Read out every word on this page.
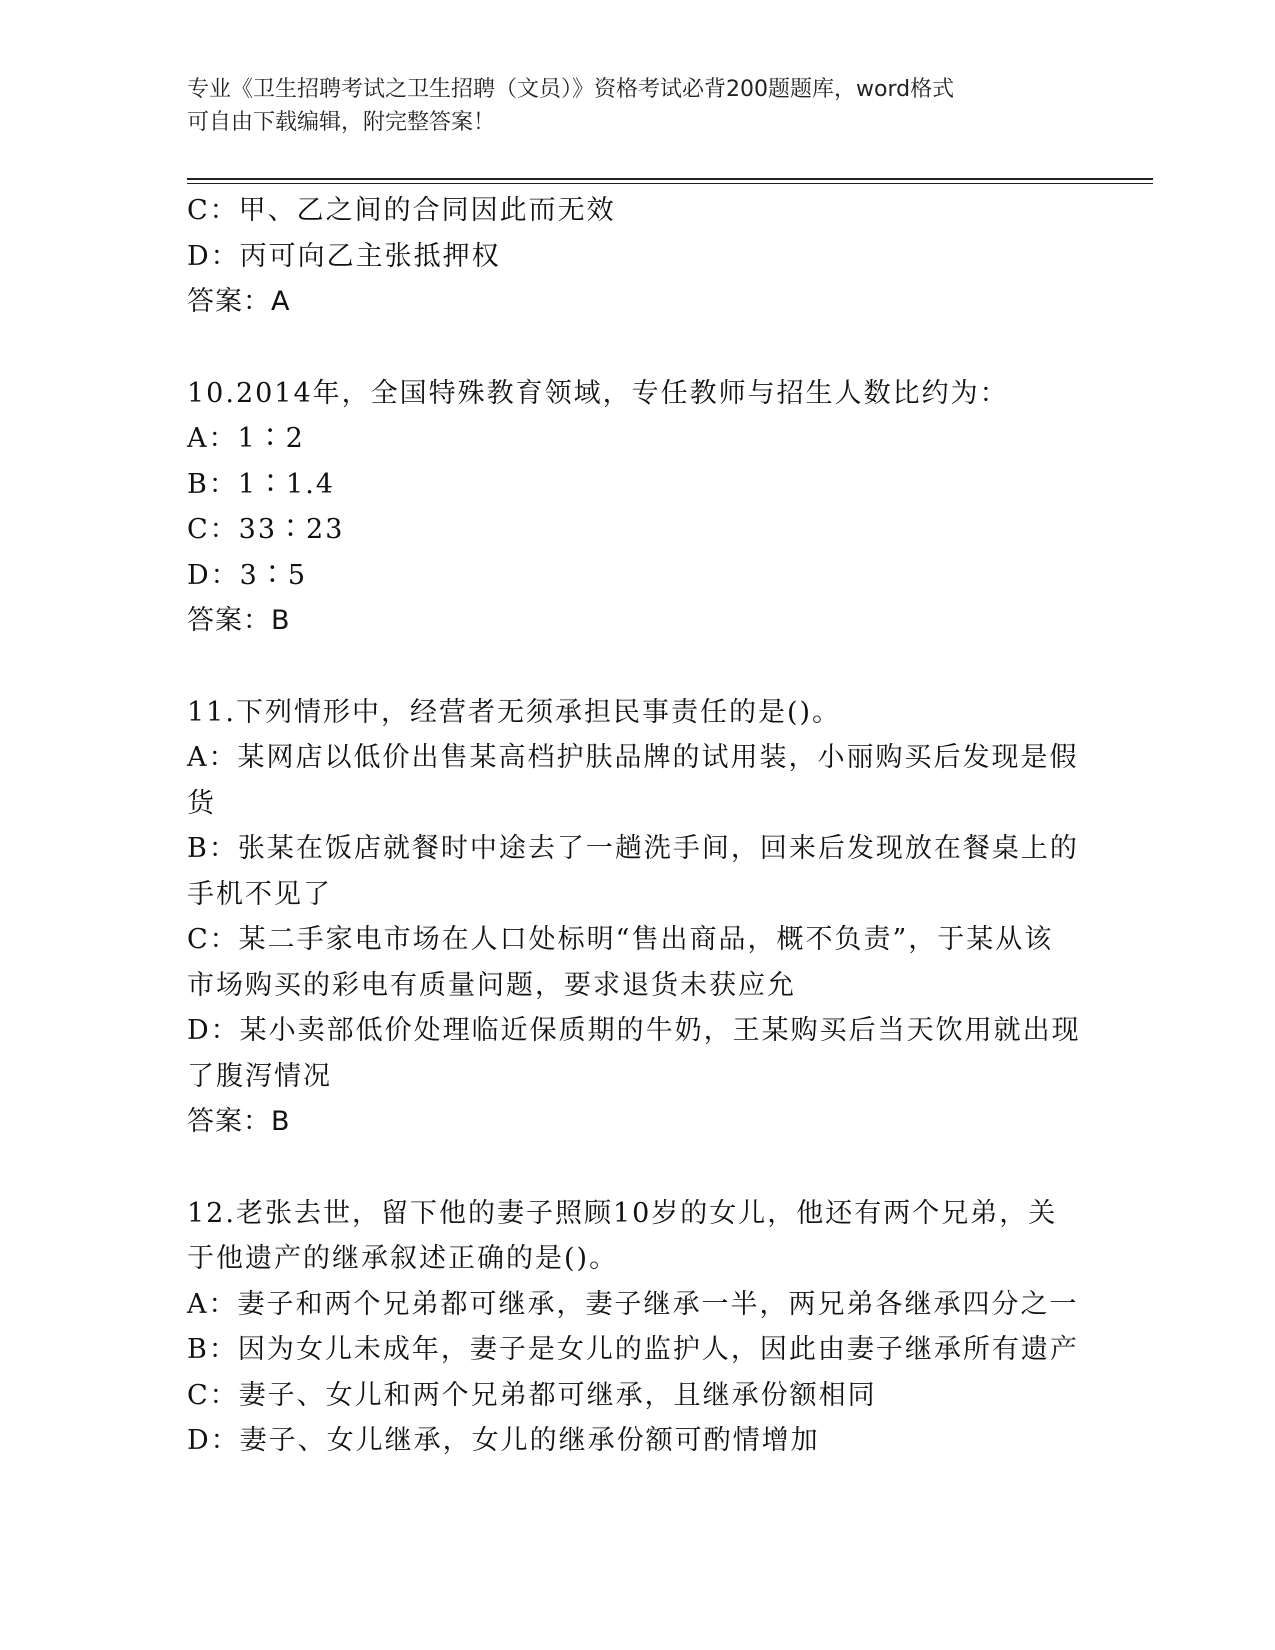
专业《卫生招聘考试之卫生招聘（文员）》资格考试必背200题题库，word格式
可自由下载编辑，附完整答案！
C：甲、乙之间的合同因此而无效
D：丙可向乙主张抵押权
答案：A
10.2014年，全国特殊教育领域，专任教师与招生人数比约为：
A：1∶2
B：1∶1.4
C：33∶23
D：3∶5
答案：B
11.下列情形中，经营者无须承担民事责任的是()。
A：某网店以低价出售某高档护肤品牌的试用装，小丽购买后发现是假
货
B：张某在饭店就餐时中途去了一趟洗手间，回来后发现放在餐桌上的
手机不见了
C：某二手家电市场在人口处标明“售出商品，概不负责”，于某从该
市场购买的彩电有质量问题，要求退货未获应允
D：某小卖部低价处理临近保质期的牛奶，王某购买后当天饮用就出现
了腹泻情况
答案：B
12.老张去世，留下他的妻子照顾10岁的女儿，他还有两个兄弟，关
于他遗产的继承叙述正确的是()。
A：妻子和两个兄弟都可继承，妻子继承一半，两兄弟各继承四分之一
B：因为女儿未成年，妻子是女儿的监护人，因此由妻子继承所有遗产
C：妻子、女儿和两个兄弟都可继承，且继承份额相同
D：妻子、女儿继承，女儿的继承份额可酌情增加
